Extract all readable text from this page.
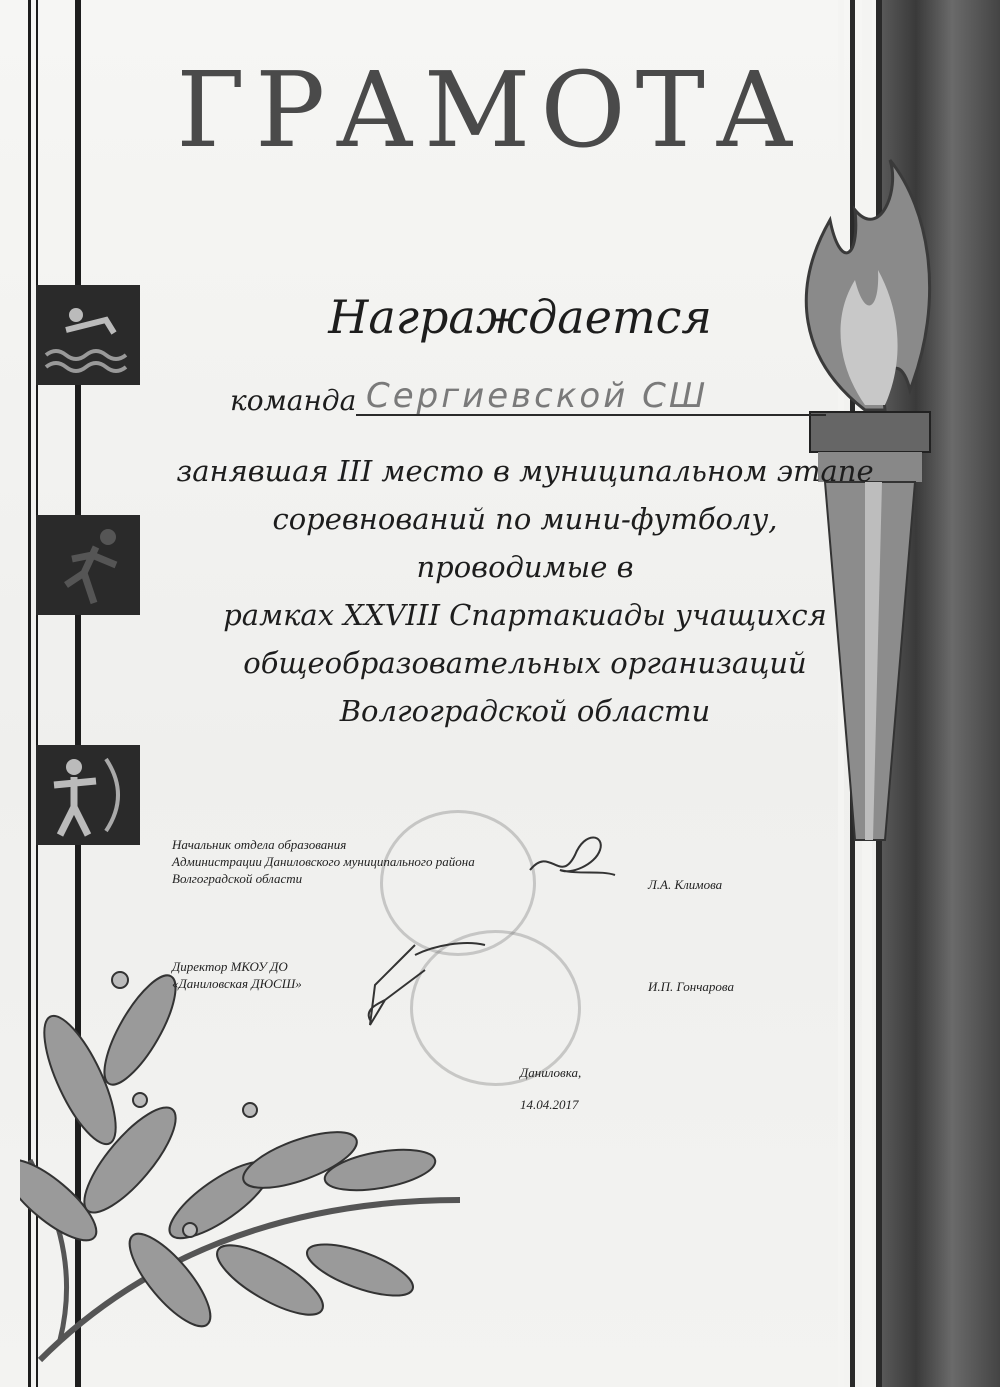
ГРАМОТА
Награждается
команда Сергиевской СШ
занявшая III место в муниципальном этапе
соревнований по мини-футболу, проводимые в
рамках XXVIII Спартакиады учащихся
общеобразовательных организаций
Волгоградской области
Начальник отдела образования
Администрации Даниловского муниципального района
Волгоградской области	Л.А. Климова
Директор МКОУ ДО
«Даниловская ДЮСШ»	И.П. Гончарова
Даниловка,
14.04.2017
